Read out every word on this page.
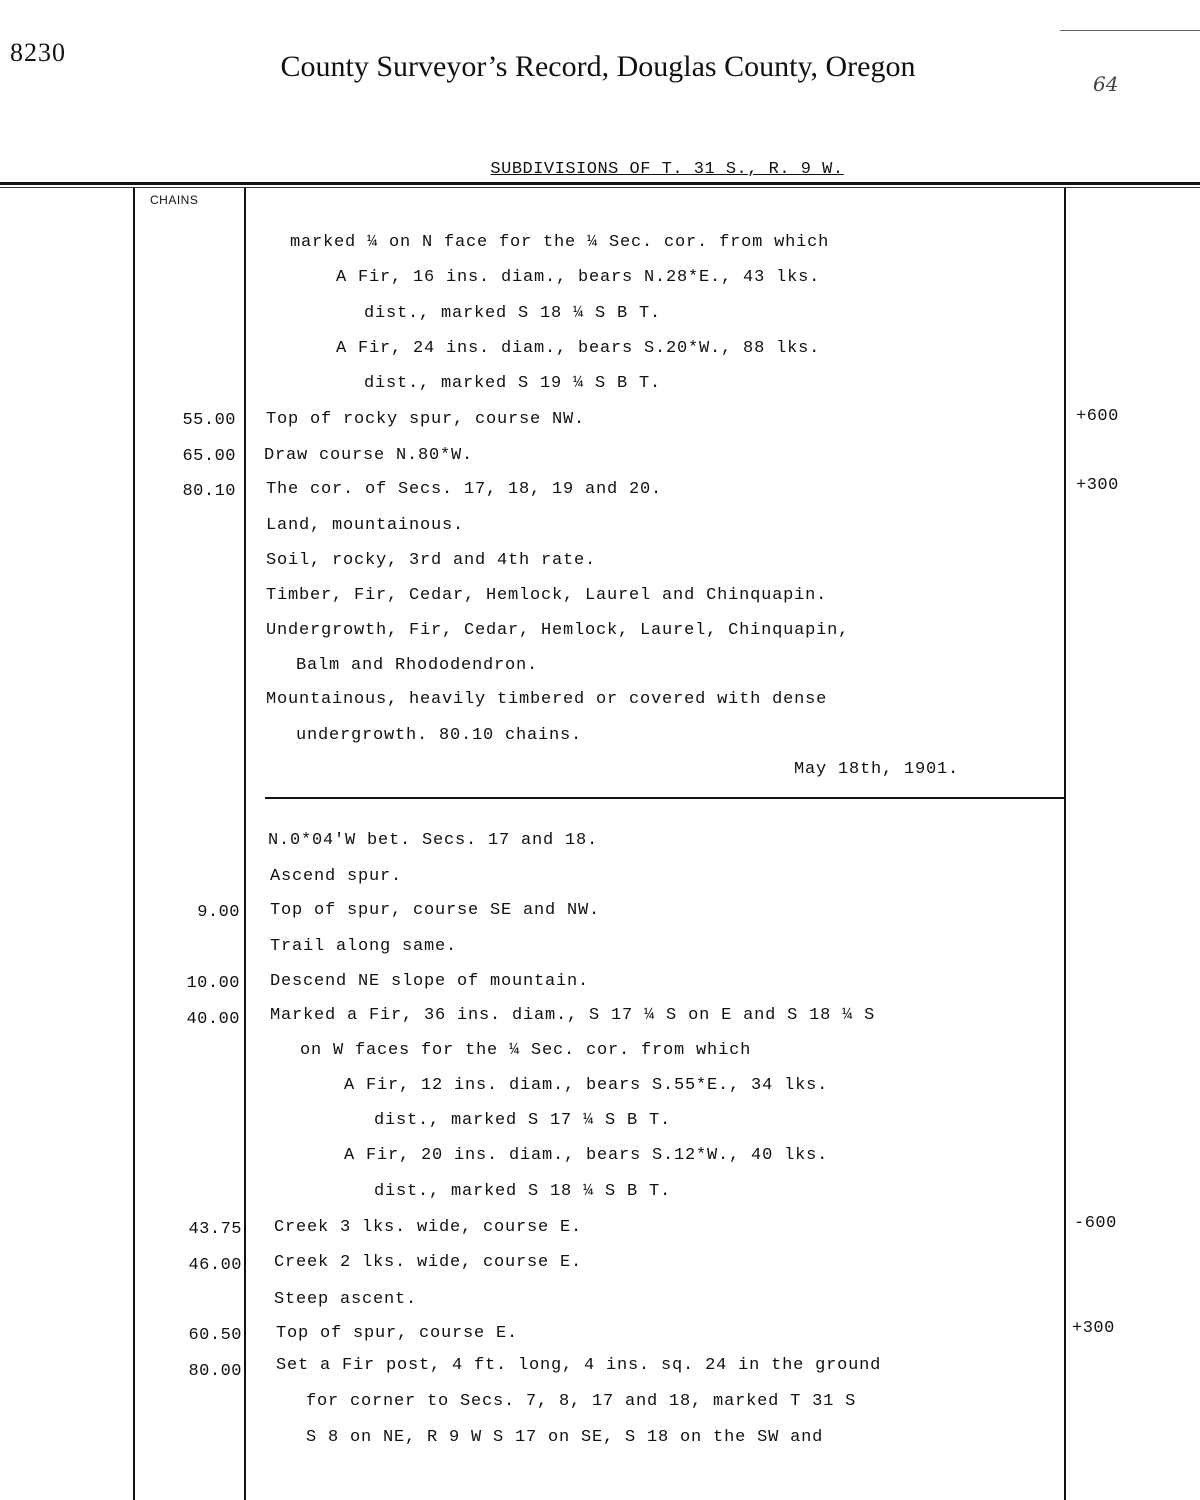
8230	County Surveyor’s Record, Douglas County, Oregon
64
SUBDIVISIONS OF T. 31 S., R. 9 W.
CHAINS
marked ¼ on N face for the ¼ Sec. cor. from which
A Fir, 16 ins. diam., bears N.28*E., 43 lks.
dist., marked S 18 ¼ S B T.
A Fir, 24 ins. diam., bears S.20*W., 88 lks.
dist., marked S 19 ¼ S B T.
55.00 Top of rocky spur, course NW.	+600
65.00 Draw course N.80*W.
80.10 The cor. of Secs. 17, 18, 19 and 20.	+300
Land, mountainous.
Soil, rocky, 3rd and 4th rate.
Timber, Fir, Cedar, Hemlock, Laurel and Chinquapin.
Undergrowth, Fir, Cedar, Hemlock, Laurel, Chinquapin,
Balm and Rhododendron.
Mountainous, heavily timbered or covered with dense
undergrowth. 80.10 chains.
May 18th, 1901.
N.0*04'W bet. Secs. 17 and 18.
Ascend spur.
9.00 Top of spur, course SE and NW.
Trail along same.
10.00 Descend NE slope of mountain.
40.00 Marked a Fir, 36 ins. diam., S 17 ¼ S on E and S 18 ¼ S
on W faces for the ¼ Sec. cor. from which
A Fir, 12 ins. diam., bears S.55*E., 34 lks.
dist., marked S 17 ¼ S B T.
A Fir, 20 ins. diam., bears S.12*W., 40 lks.
dist., marked S 18 ¼ S B T.
43.75 Creek 3 lks. wide, course E.	-600
46.00 Creek 2 lks. wide, course E.
Steep ascent.
60.50 Top of spur, course E.	+300
80.00 Set a Fir post, 4 ft. long, 4 ins. sq. 24 in the ground
for corner to Secs. 7, 8, 17 and 18, marked T 31 S
S 8 on NE, R 9 W S 17 on SE, S 18 on the SW and
